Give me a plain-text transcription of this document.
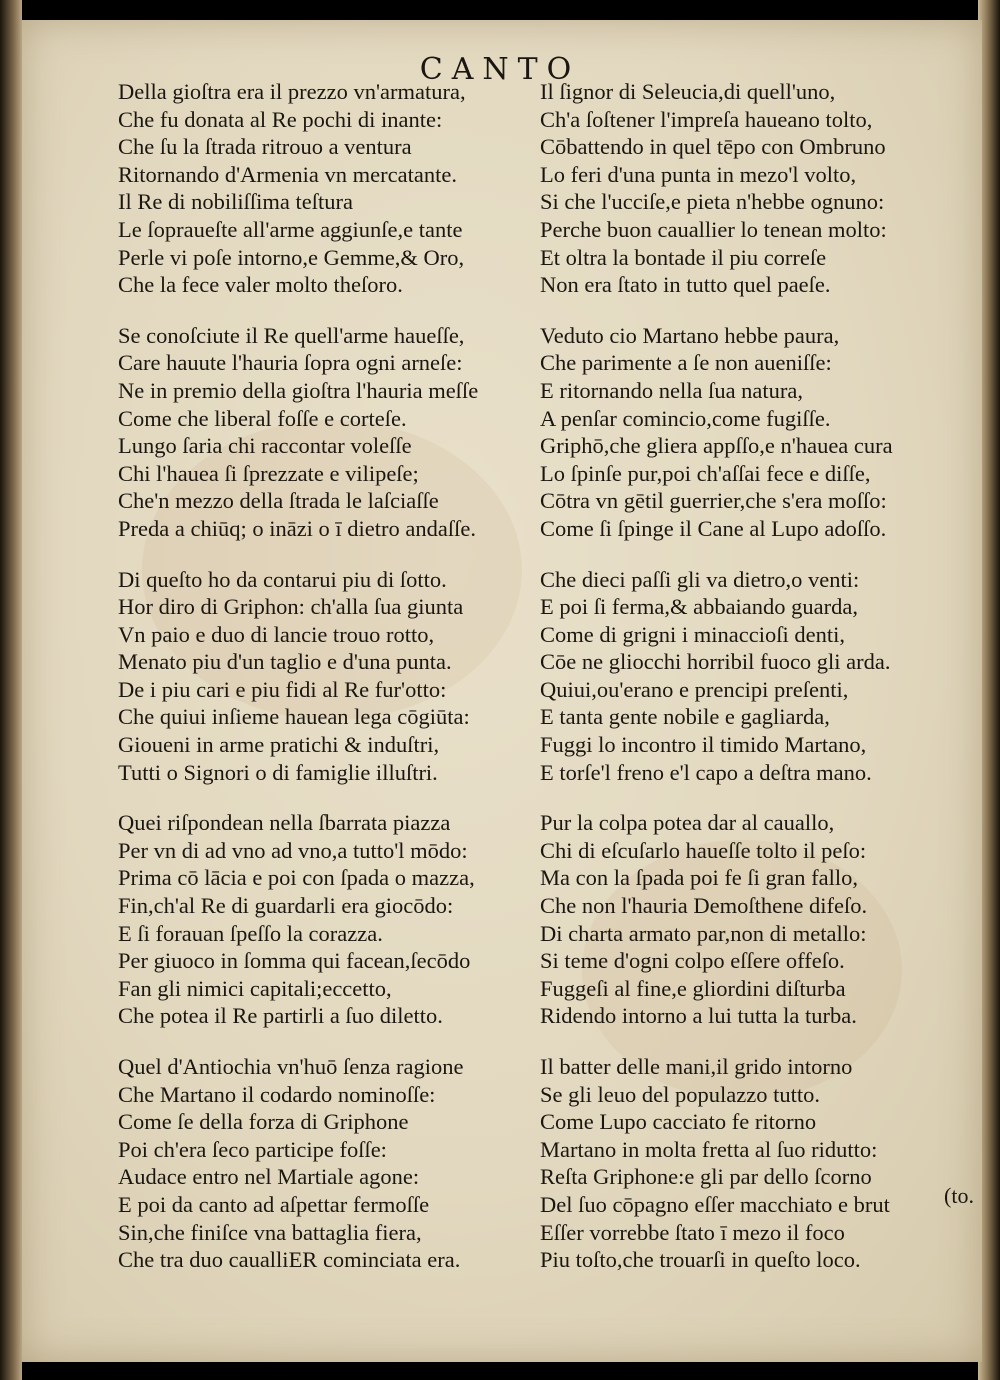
CANTO
Della gioſtra era il prezzo vn'armatura,
Che fu donata al Re pochi di inante:
Che ſu la ſtrada ritrouo a ventura
Ritornando d'Armenia vn mercatante.
Il Re di nobiliſſima teſtura
Le ſopraueſte all'arme aggiunſe,e tante
Perle vi poſe intorno,e Gemme,& Oro,
Che la fece valer molto theſoro.
Se conoſciute il Re quell'arme haueſſe,
Care hauute l'hauria ſopra ogni arneſe:
Ne in premio della gioſtra l'hauria meſſe
Come che liberal foſſe e corteſe.
Lungo ſaria chi raccontar voleſſe
Chi l'hauea ſi ſprezzate e vilipeſe;
Che'n mezzo della ſtrada le laſciaſſe
Preda a chiūq; o ināzi o ī dietro andaſſe.
Di queſto ho da contarui piu di ſotto.
Hor diro di Griphon: ch'alla ſua giunta
Vn paio e duo di lancie trouo rotto,
Menato piu d'un taglio e d'una punta.
De i piu cari e piu fidi al Re fur'otto:
Che quiui inſieme hauean lega cōgiūta:
Gioueni in arme pratichi & induſtri,
Tutti o Signori o di famiglie illuſtri.
Quei riſpondean nella ſbarrata piazza
Per vn di ad vno ad vno,a tutto'l mōdo:
Prima cō lācia e poi con ſpada o mazza,
Fin,ch'al Re di guardarli era giocōdo:
E ſi forauan ſpeſſo la corazza.
Per giuoco in ſomma qui facean,ſecōdo
Fan gli nimici capitali;eccetto,
Che potea il Re partirli a ſuo diletto.
Quel d'Antiochia vn'huō ſenza ragione
Che Martano il codardo nominoſſe:
Come ſe della forza di Griphone
Poi ch'era ſeco participe foſſe:
Audace entro nel Martiale agone:
E poi da canto ad aſpettar fermoſſe
Sin,che finiſce vna battaglia fiera,
Che tra duo caualliER cominciata era.
Il ſignor di Seleucia,di quell'uno,
Ch'a ſoſtener l'impreſa haueano tolto,
Cōbattendo in quel tēpo con Ombruno
Lo feri d'una punta in mezo'l volto,
Si che l'ucciſe,e pieta n'hebbe ognuno:
Perche buon cauallier lo tenean molto:
Et oltra la bontade il piu correſe
Non era ſtato in tutto quel paeſe.
Veduto cio Martano hebbe paura,
Che parimente a ſe non aueniſſe:
E ritornando nella ſua natura,
A penſar comincio,come fugiſſe.
Griphō,che gliera appſſo,e n'hauea cura
Lo ſpinſe pur,poi ch'aſſai fece e diſſe,
Cōtra vn gētil guerrier,che s'era moſſo:
Come ſi ſpinge il Cane al Lupo adoſſo.
Che dieci paſſi gli va dietro,o venti:
E poi ſi ferma,& abbaiando guarda,
Come di grigni i minaccioſi denti,
Cōe ne gliocchi horribil fuoco gli arda.
Quiui,ou'erano e prencipi preſenti,
E tanta gente nobile e gagliarda,
Fuggi lo incontro il timido Martano,
E torſe'l freno e'l capo a deſtra mano.
Pur la colpa potea dar al cauallo,
Chi di eſcuſarlo haueſſe tolto il peſo:
Ma con la ſpada poi fe ſi gran fallo,
Che non l'hauria Demoſthene difeſo.
Di charta armato par,non di metallo:
Si teme d'ogni colpo eſſere offeſo.
Fuggeſi al fine,e gliordini diſturba
Ridendo intorno a lui tutta la turba.
Il batter delle mani,il grido intorno
Se gli leuo del populazzo tutto.
Come Lupo cacciato fe ritorno
Martano in molta fretta al ſuo ridutto:
Reſta Griphone:e gli par dello ſcorno
Del ſuo cōpagno eſſer macchiato e brut
Eſſer vorrebbe ſtato ī mezo il foco
Piu toſto,che trouarſi in queſto loco.
(to.
